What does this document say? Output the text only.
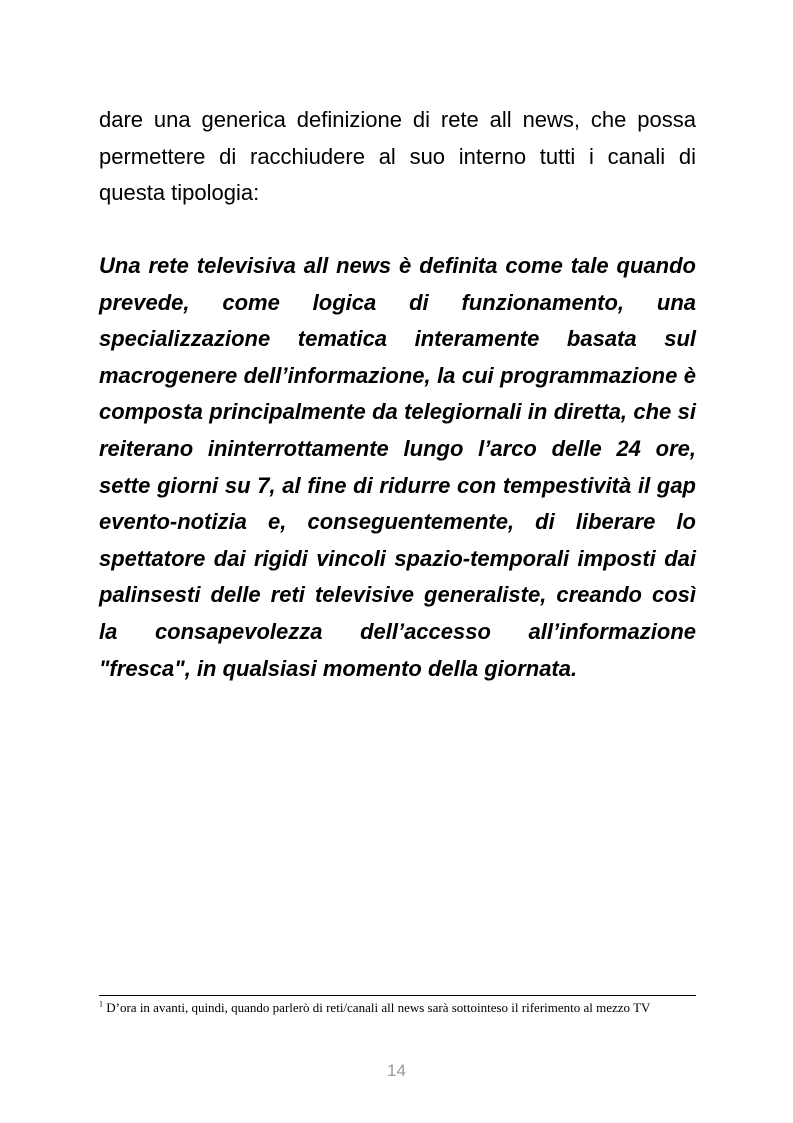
dare una generica definizione di rete all news, che possa permettere di racchiudere al suo interno tutti i canali di questa tipologia:

Una rete televisiva all news è definita come tale quando prevede, come logica di funzionamento, una specializzazione tematica interamente basata sul macrogenere dell’informazione, la cui programmazione è composta principalmente da telegiornali in diretta, che si reiterano ininterrottamente lungo l’arco delle 24 ore, sette giorni su 7, al fine di ridurre con tempestività il gap evento-notizia e, conseguentemente, di liberare lo spettatore dai rigidi vincoli spazio-temporali imposti dai palinsesti delle reti televisive generaliste, creando così la consapevolezza dell’accesso all’informazione "fresca", in qualsiasi momento della giornata.

$^1$ D’ora in avanti, quindi, quando parlerò di reti/canali all news sarà sottointeso il riferimento al mezzo TV

14
